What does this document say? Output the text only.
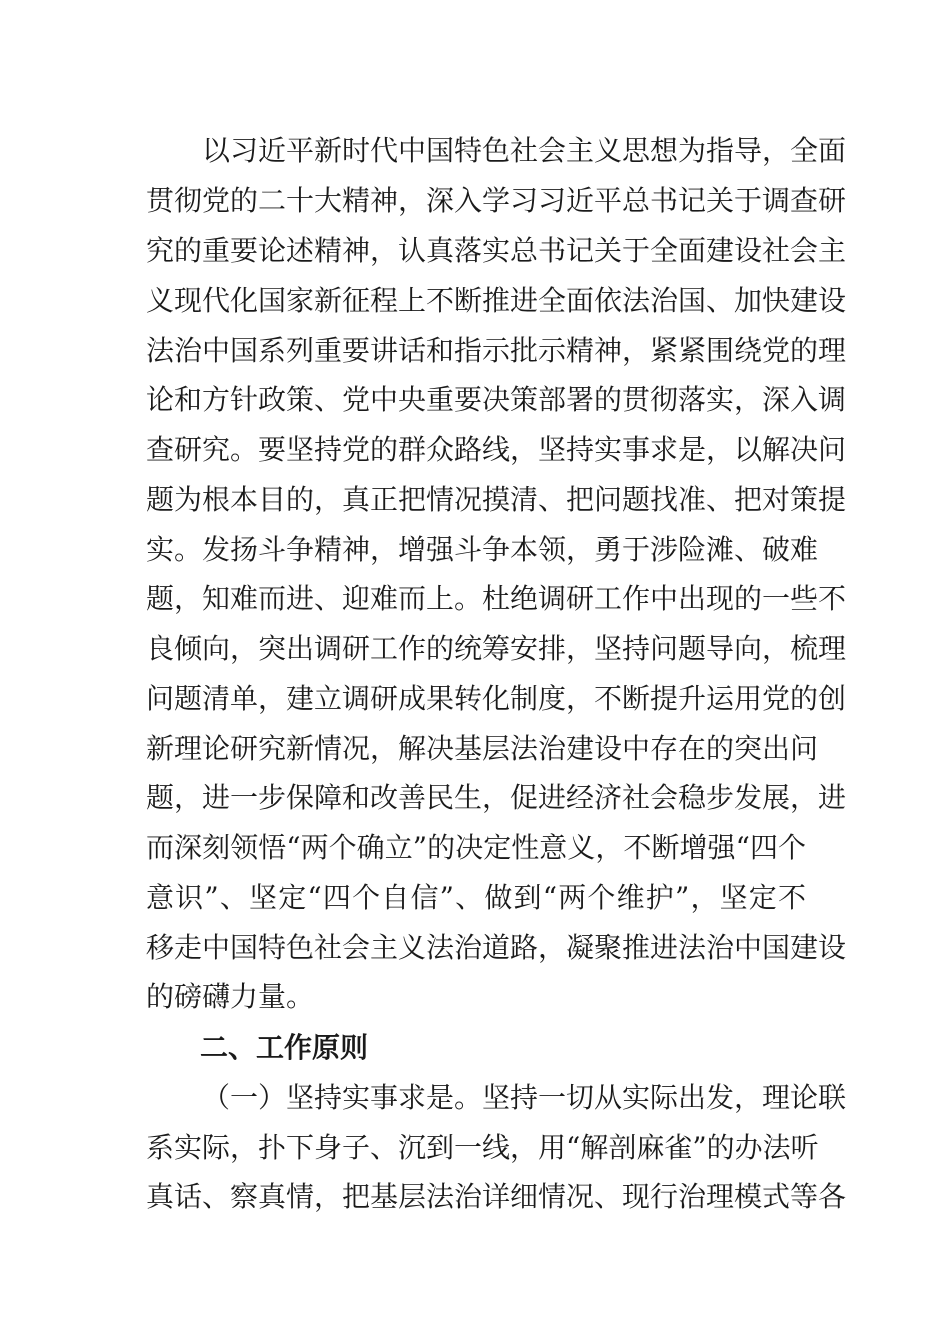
以习近平新时代中国特色社会主义思想为指导，全面
贯彻党的二十大精神，深入学习习近平总书记关于调查研
究的重要论述精神，认真落实总书记关于全面建设社会主
义现代化国家新征程上不断推进全面依法治国、加快建设
法治中国系列重要讲话和指示批示精神，紧紧围绕党的理
论和方针政策、党中央重要决策部署的贯彻落实，深入调
查研究。要坚持党的群众路线，坚持实事求是，以解决问
题为根本目的，真正把情况摸清、把问题找准、把对策提
实。发扬斗争精神，增强斗争本领，勇于涉险滩、破难
题，知难而进、迎难而上。杜绝调研工作中出现的一些不
良倾向，突出调研工作的统筹安排，坚持问题导向，梳理
问题清单，建立调研成果转化制度，不断提升运用党的创
新理论研究新情况，解决基层法治建设中存在的突出问
题，进一步保障和改善民生，促进经济社会稳步发展，进
而深刻领悟“两个确立”的决定性意义，不断增强“四个
意识”、坚定“四个自信”、做到“两个维护”，坚定不
移走中国特色社会主义法治道路，凝聚推进法治中国建设
的磅礴力量。
二、工作原则
（一）坚持实事求是。坚持一切从实际出发，理论联
系实际，扑下身子、沉到一线，用“解剖麻雀”的办法听
真话、察真情，把基层法治详细情况、现行治理模式等各
